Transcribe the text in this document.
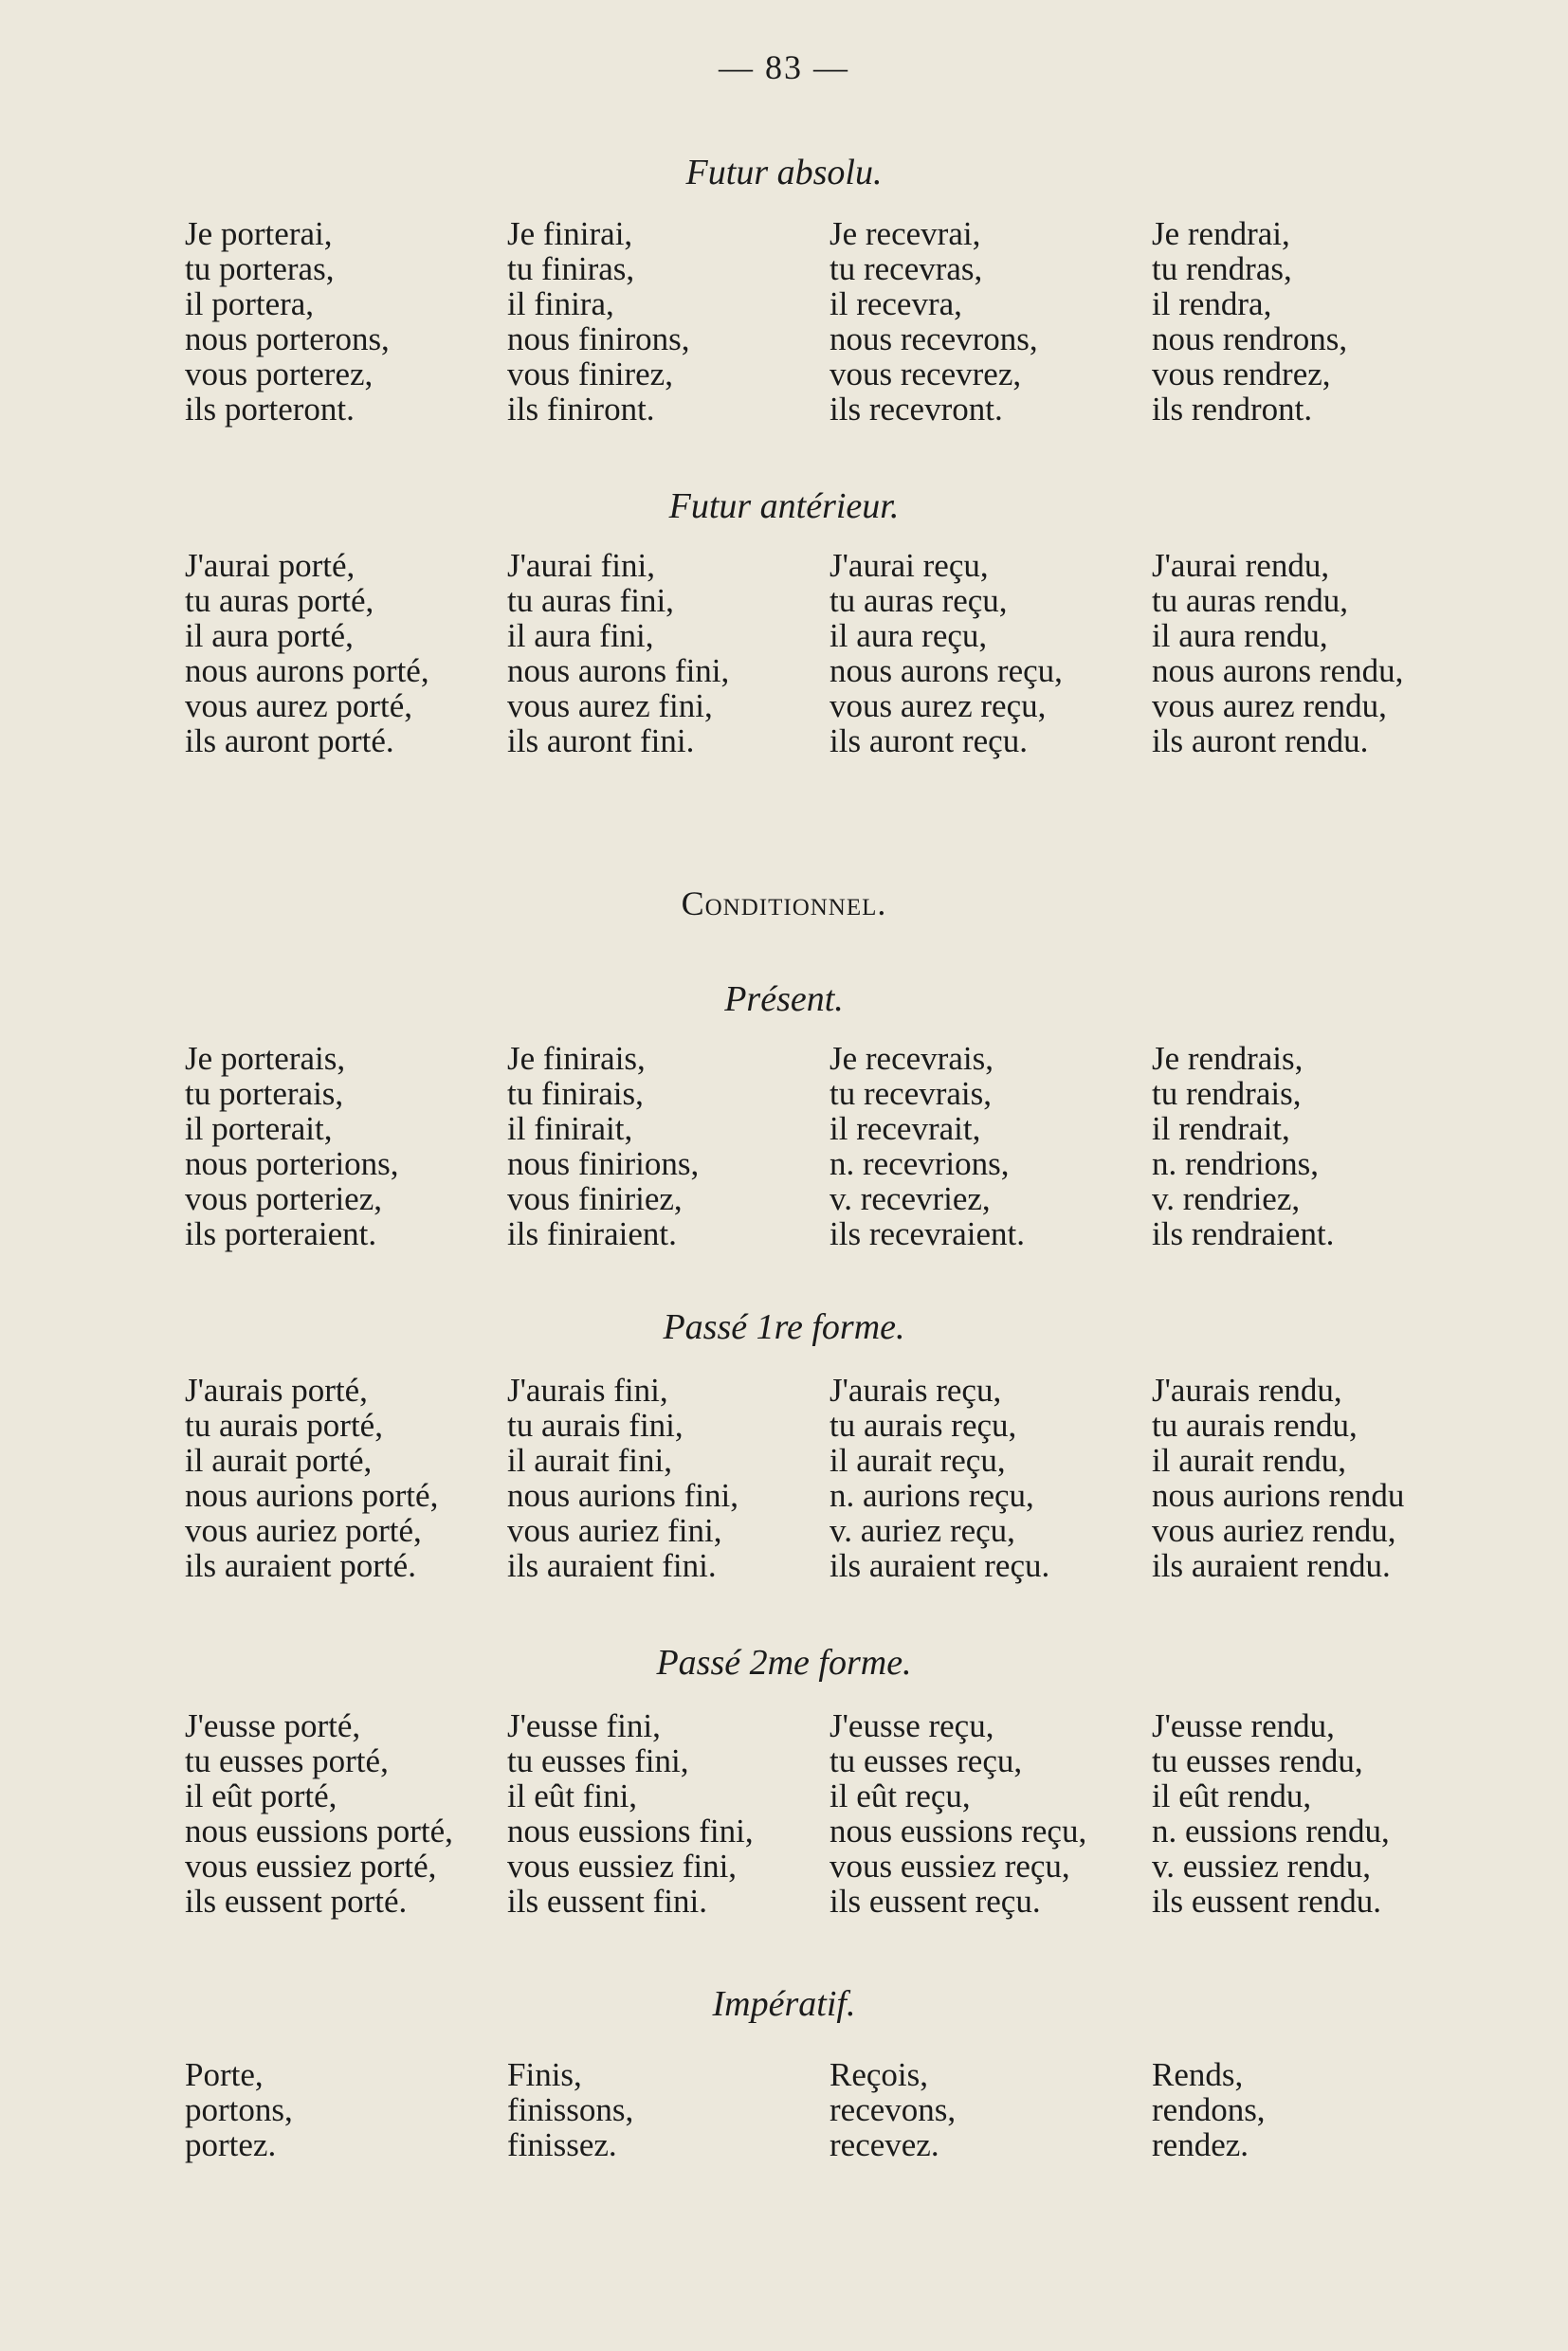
— 83 —
Futur absolu.
Je porterai,
tu porteras,
il portera,
nous porterons,
vous porterez,
ils porteront.
Je finirai,
tu finiras,
il finira,
nous finirons,
vous finirez,
ils finiront.
Je recevrai,
tu recevras,
il recevra,
nous recevrons,
vous recevrez,
ils recevront.
Je rendrai,
tu rendras,
il rendra,
nous rendrons,
vous rendrez,
ils rendront.
Futur antérieur.
J'aurai porté,
tu auras porté,
il aura porté,
nous aurons porté,
vous aurez porté,
ils auront porté.
J'aurai fini,
tu auras fini,
il aura fini,
nous aurons fini,
vous aurez fini,
ils auront fini.
J'aurai reçu,
tu auras reçu,
il aura reçu,
nous aurons reçu,
vous aurez reçu,
ils auront reçu.
J'aurai rendu,
tu auras rendu,
il aura rendu,
nous aurons rendu,
vous aurez rendu,
ils auront rendu.
Conditionnel.
Présent.
Je porterais,
tu porterais,
il porterait,
nous porterions,
vous porteriez,
ils porteraient.
Je finirais,
tu finirais,
il finirait,
nous finirions,
vous finiriez,
ils finiraient.
Je recevrais,
tu recevrais,
il recevrait,
n. recevrions,
v. recevriez,
ils recevraient.
Je rendrais,
tu rendrais,
il rendrait,
n. rendrions,
v. rendriez,
ils rendraient.
Passé 1re forme.
J'aurais porté,
tu aurais porté,
il aurait porté,
nous aurions porté,
vous auriez porté,
ils auraient porté.
J'aurais fini,
tu aurais fini,
il aurait fini,
nous aurions fini,
vous auriez fini,
ils auraient fini.
J'aurais reçu,
tu aurais reçu,
il aurait reçu,
n. aurions reçu,
v. auriez reçu,
ils auraient reçu.
J'aurais rendu,
tu aurais rendu,
il aurait rendu,
nous aurions rendu
vous auriez rendu,
ils auraient rendu.
Passé 2me forme.
J'eusse porté,
tu eusses porté,
il eût porté,
nous eussions porté,
vous eussiez porté,
ils eussent porté.
J'eusse fini,
tu eusses fini,
il eût fini,
nous eussions fini,
vous eussiez fini,
ils eussent fini.
J'eusse reçu,
tu eusses reçu,
il eût reçu,
nous eussions reçu,
vous eussiez reçu,
ils eussent reçu.
J'eusse rendu,
tu eusses rendu,
il eût rendu,
n. eussions rendu,
v. eussiez rendu,
ils eussent rendu.
Impératif.
Porte,
portons,
portez.
Finis,
finissons,
finissez.
Reçois,
recevons,
recevez.
Rends,
rendons,
rendez.
